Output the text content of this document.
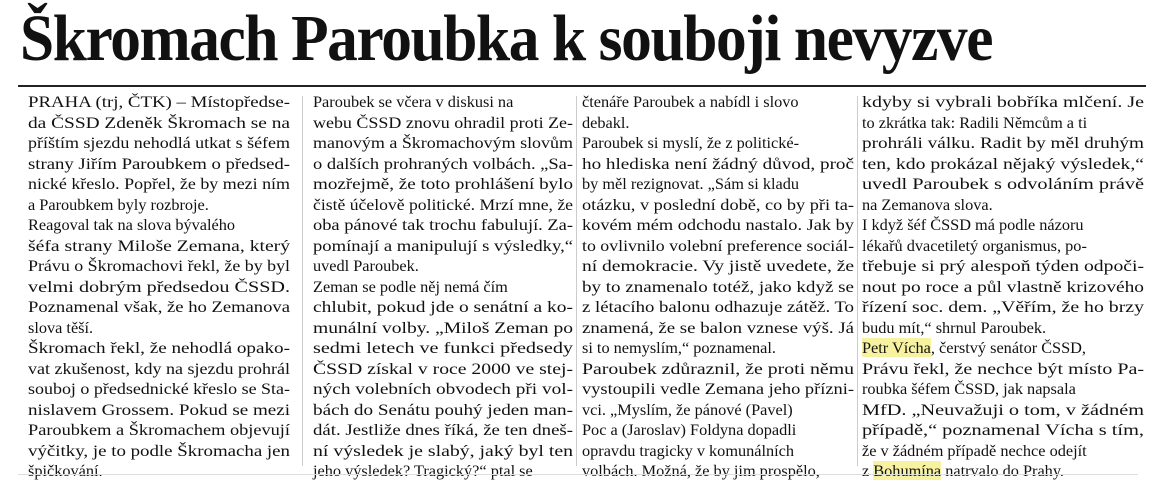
Škromach Paroubka k souboji nevyzve
PRAHA (trj, ČTK) – Místopředse-
da ČSSD Zdeněk Škromach se na
příštím sjezdu nehodlá utkat s šéfem
strany Jiřím Paroubkem o předsed-
nické křeslo. Popřel, že by mezi ním
a Paroubkem byly rozbroje.
Reagoval tak na slova bývalého
šéfa strany Miloše Zemana, který
Právu o Škromachovi řekl, že by byl
velmi dobrým předsedou ČSSD.
Poznamenal však, že ho Zemanova
slova těší.
Škromach řekl, že nehodlá opako-
vat zkušenost, kdy na sjezdu prohrál
souboj o předsednické křeslo se Sta-
nislavem Grossem. Pokud se mezi
Paroubkem a Škromachem objevují
výčitky, je to podle Škromacha jen
špičkování.
Paroubek se včera v diskusi na
webu ČSSD znovu ohradil proti Ze-
manovým a Škromachovým slovům
o dalších prohraných volbách. „Sa-
mozřejmě, že toto prohlášení bylo
čistě účelově politické. Mrzí mne, že
oba pánové tak trochu fabulují. Za-
pomínají a manipulují s výsledky,“
uvedl Paroubek.
Zeman se podle něj nemá čím
chlubit, pokud jde o senátní a ko-
munální volby. „Miloš Zeman po
sedmi letech ve funkci předsedy
ČSSD získal v roce 2000 ve stej-
ných volebních obvodech při vol-
bách do Senátu pouhý jeden man-
dát. Jestliže dnes říká, že ten dneš-
ní výsledek je slabý, jaký byl ten
jeho výsledek? Tragický?“ ptal se
čtenáře Paroubek a nabídl i slovo
debakl.
Paroubek si myslí, že z politické-
ho hlediska není žádný důvod, proč
by měl rezignovat. „Sám si kladu
otázku, v poslední době, co by při ta-
kovém mém odchodu nastalo. Jak by
to ovlivnilo volební preference sociál-
ní demokracie. Vy jistě uvedete, že
by to znamenalo totéž, jako když se
z létacího balonu odhazuje zátěž. To
znamená, že se balon vznese výš. Já
si to nemyslím,“ poznamenal.
Paroubek zdůraznil, že proti němu
vystoupili vedle Zemana jeho přízni-
vci. „Myslím, že pánové (Pavel)
Poc a (Jaroslav) Foldyna dopadli
opravdu tragicky v komunálních
volbách. Možná, že by jim prospělo,
kdyby si vybrali bobříka mlčení. Je
to zkrátka tak: Radili Němcům a ti
prohráli válku. Radit by měl druhým
ten, kdo prokázal nějaký výsledek,“
uvedl Paroubek s odvoláním právě
na Zemanova slova.
I když šéf ČSSD má podle názoru
lékařů dvacetiletý organismus, po-
třebuje si prý alespoň týden odpoči-
nout po roce a půl vlastně krizového
řízení soc. dem. „Věřím, že ho brzy
budu mít,“ shrnul Paroubek.
Petr Vícha, čerstvý senátor ČSSD,
Právu řekl, že nechce být místo Pa-
roubka šéfem ČSSD, jak napsala
MfD. „Neuvažuji o tom, v žádném
případě,“ poznamenal Vícha s tím,
že v žádném případě nechce odejít
z Bohumína natrvalo do Prahy.
